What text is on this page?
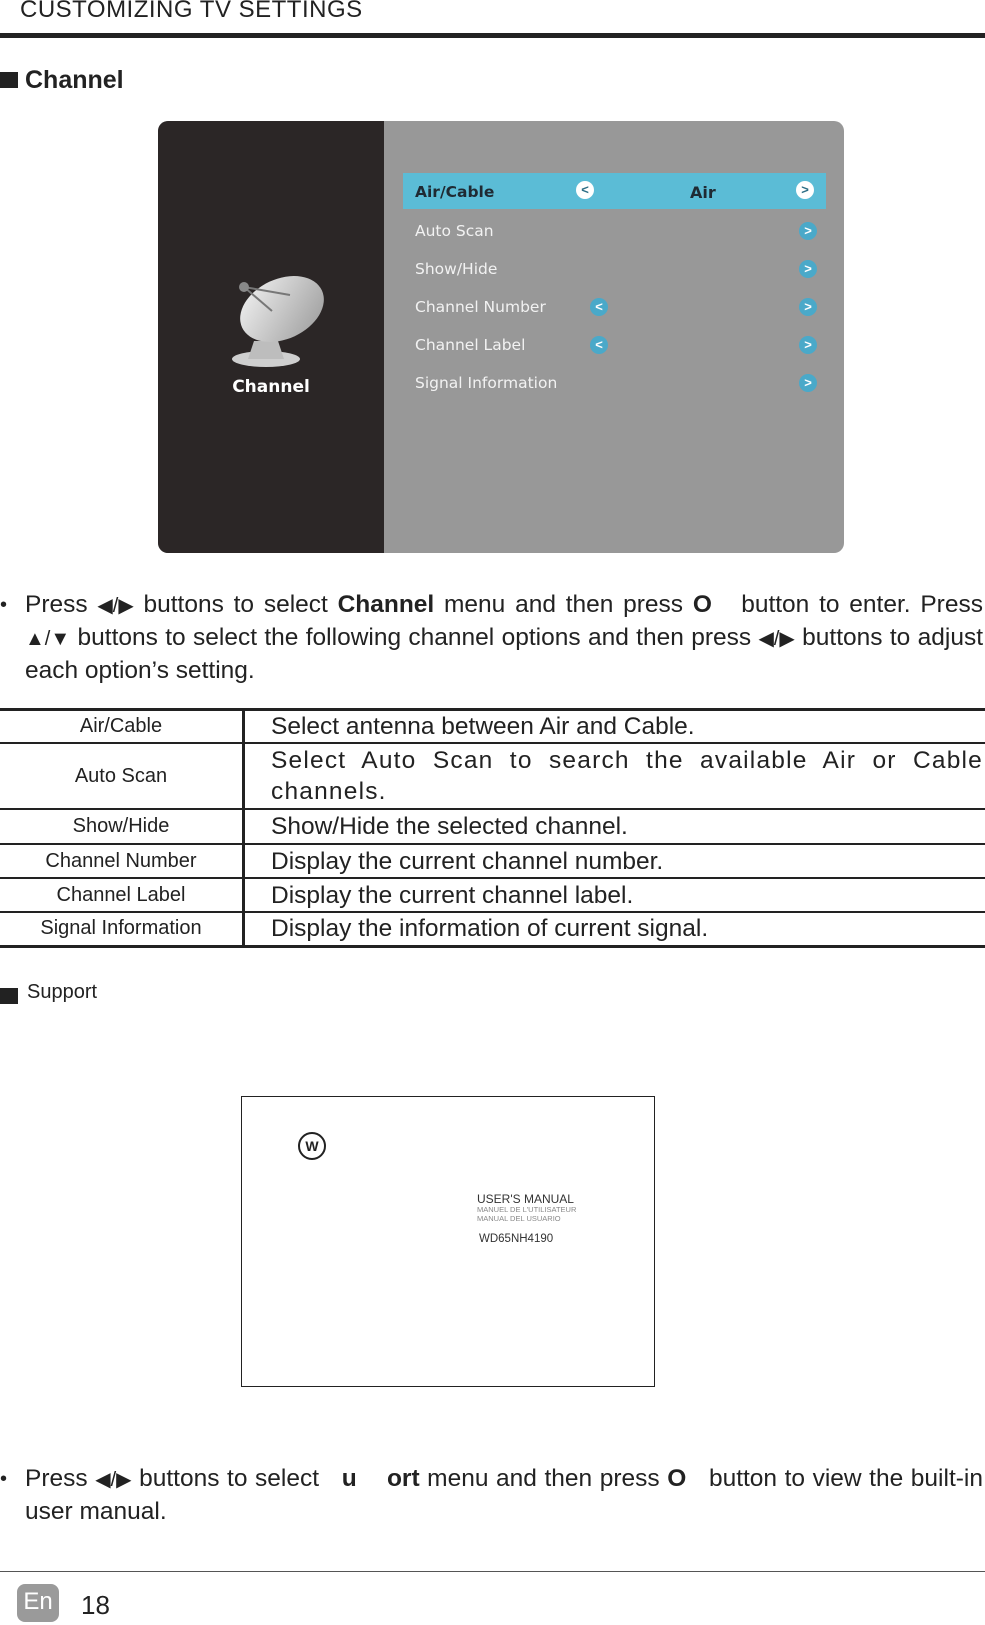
CUSTOMIZING TV SETTINGS
Channel
Channel
Air/Cable	<	Air	>
Auto Scan	>
Show/Hide	>
Channel Number	<	>
Channel Label	<	>
Signal Information	>
• Press ◀/▶ buttons to select Channel menu and then press O button to enter. Press ▲/▼ buttons to select the following channel options and then press ◀/▶ buttons to adjust each option’s setting.
Air/Cable	Select antenna between Air and Cable.
Auto Scan	Select Auto Scan to search the available Air or Cable channels.
Show/Hide	Show/Hide the selected channel.
Channel Number	Display the current channel number.
Channel Label	Display the current channel label.
Signal Information	Display the information of current signal.
Support
W
USER'S MANUAL
MANUEL DE L'UTILISATEUR
MANUAL DEL USUARIO
WD65NH4190
• Press ◀/▶ buttons to select u ort menu and then press O button to view the built-in user manual.
En 18
